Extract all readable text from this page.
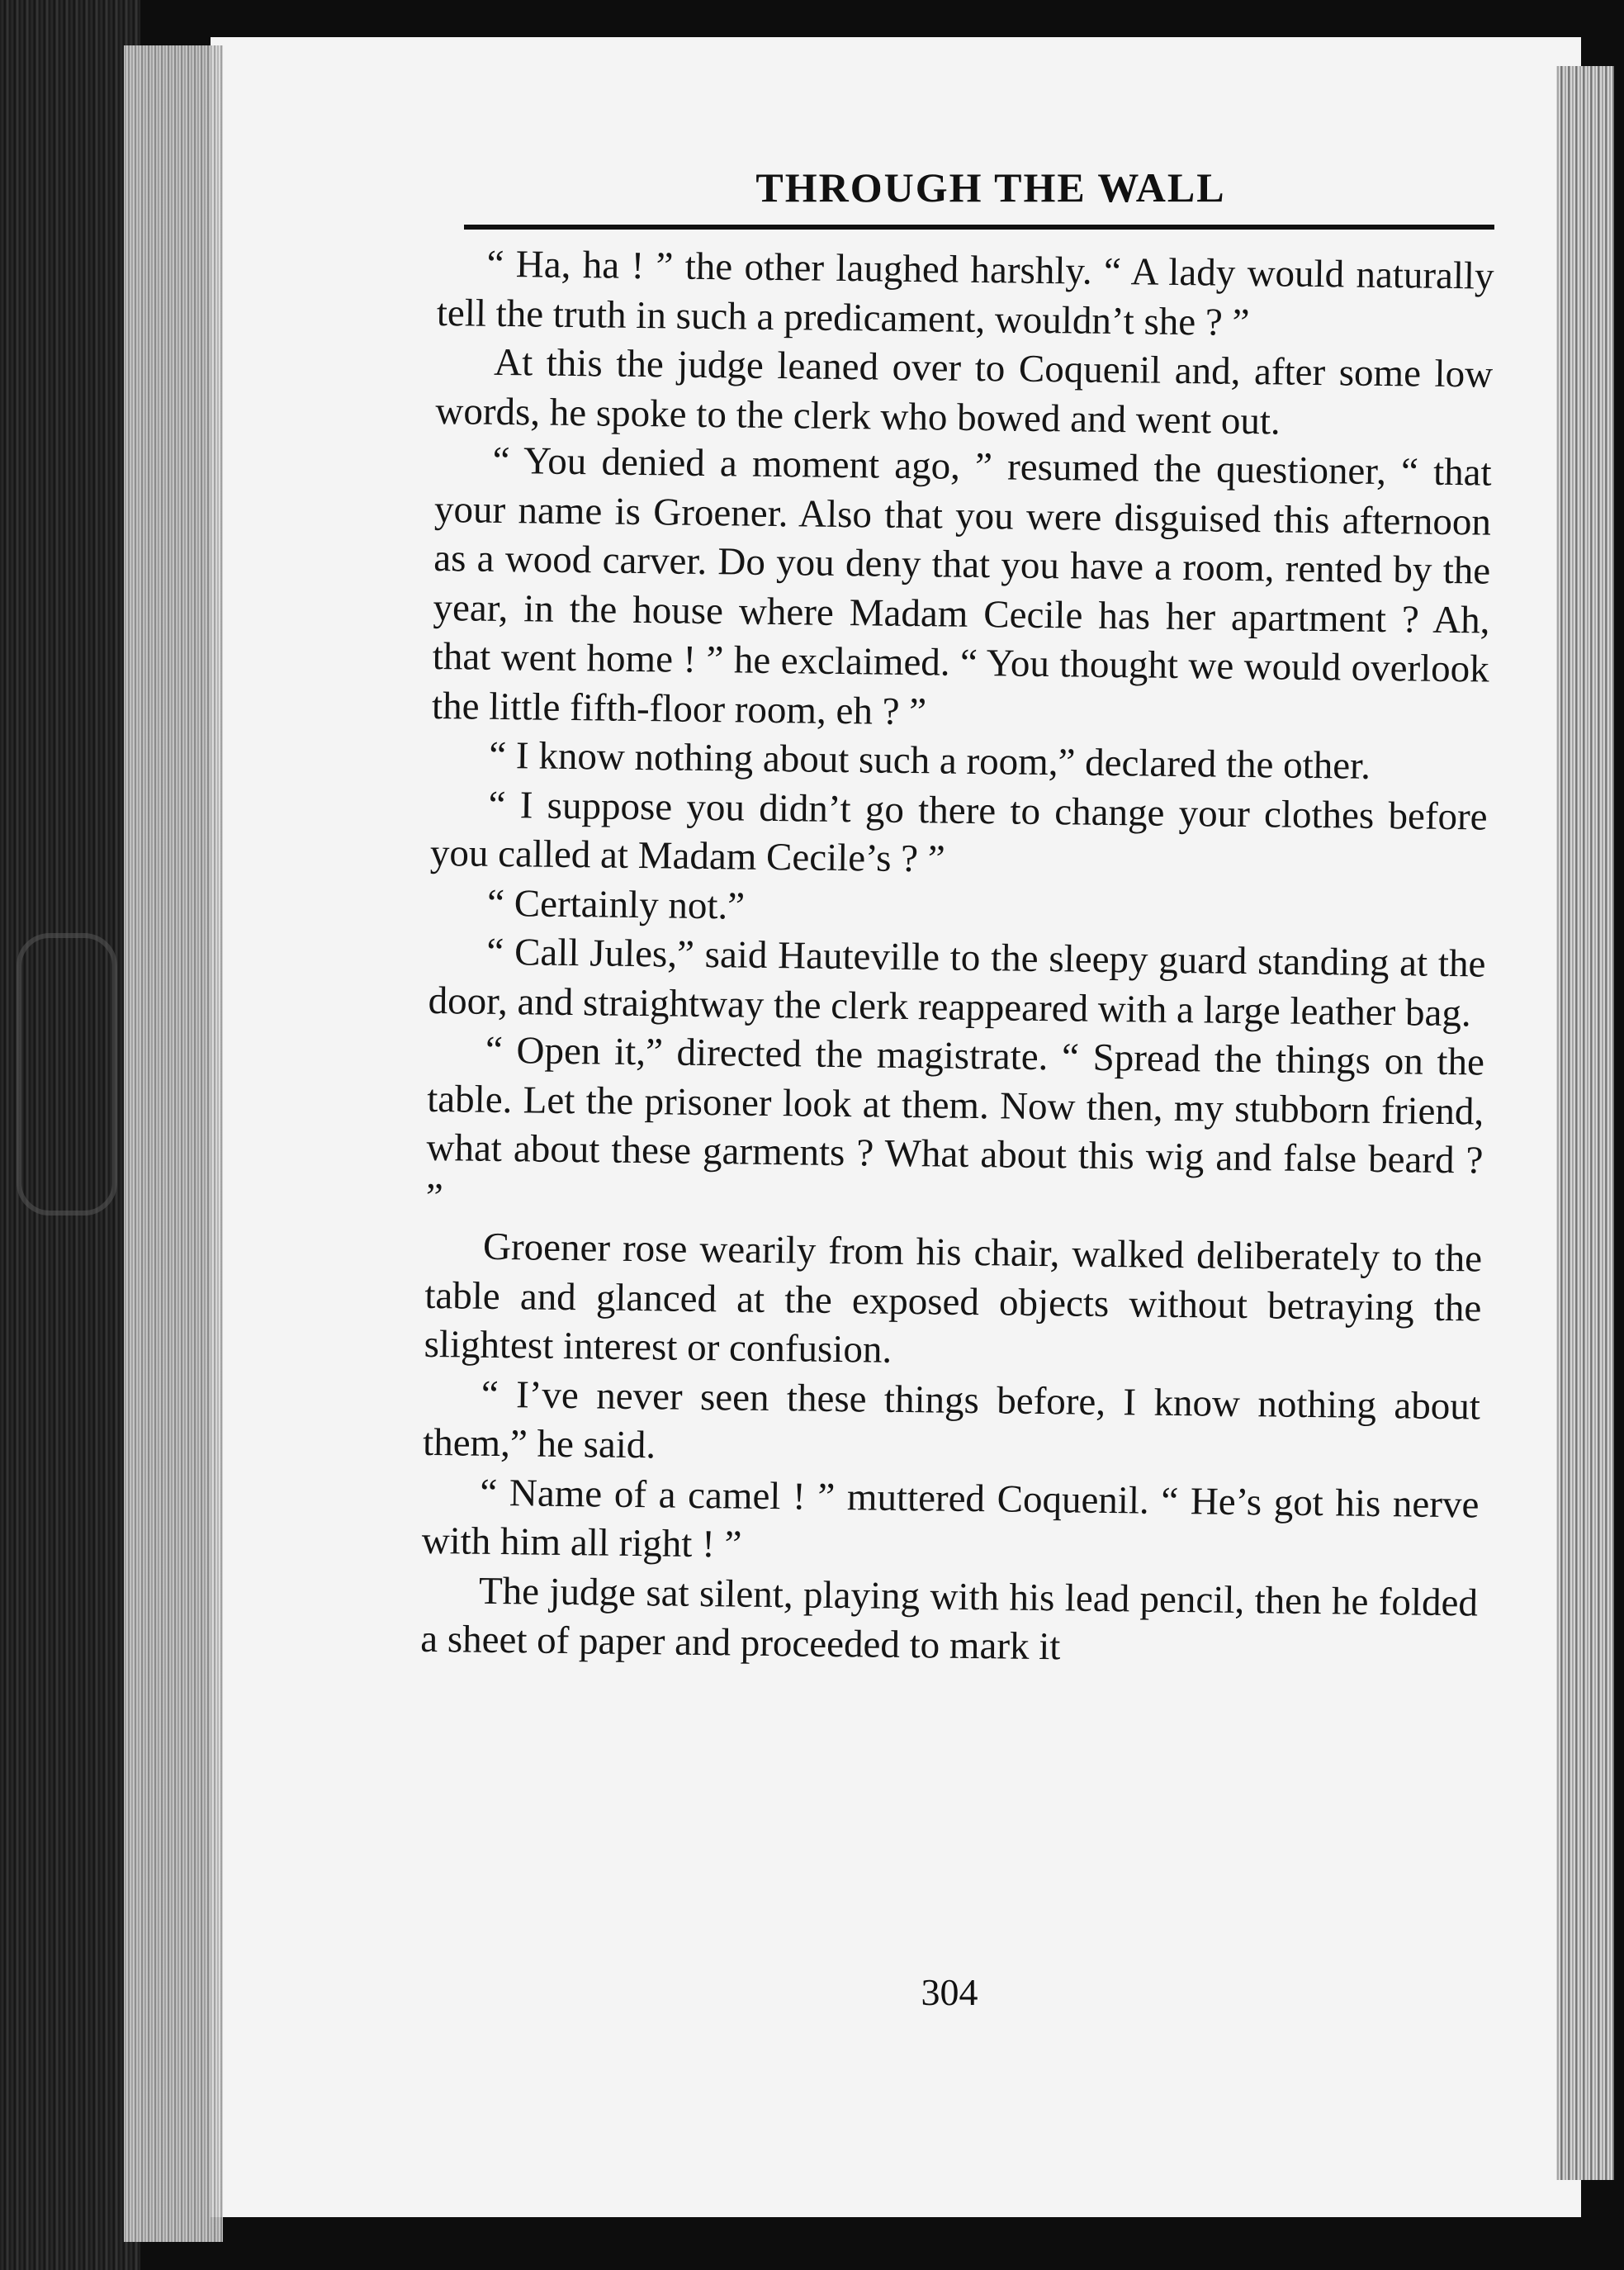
THROUGH THE WALL

“ Ha, ha ! ” the other laughed harshly. “ A lady would naturally tell the truth in such a predicament, wouldn’t she ? ”

At this the judge leaned over to Coquenil and, after some low words, he spoke to the clerk who bowed and went out.

“ You denied a moment ago, ” resumed the questioner, “ that your name is Groener. Also that you were disguised this afternoon as a wood carver. Do you deny that you have a room, rented by the year, in the house where Madam Cecile has her apartment ? Ah, that went home ! ” he exclaimed. “ You thought we would overlook the little fifth-floor room, eh ? ”

“ I know nothing about such a room,” declared the other.

“ I suppose you didn’t go there to change your clothes before you called at Madam Cecile’s ? ”

“ Certainly not.”

“ Call Jules,” said Hauteville to the sleepy guard standing at the door, and straightway the clerk reappeared with a large leather bag.

“ Open it,” directed the magistrate. “ Spread the things on the table. Let the prisoner look at them. Now then, my stubborn friend, what about these garments ? What about this wig and false beard ? ”

Groener rose wearily from his chair, walked deliberately to the table and glanced at the exposed objects without betraying the slightest interest or confusion.

“ I’ve never seen these things before, I know nothing about them,” he said.

“ Name of a camel ! ” muttered Coquenil. “ He’s got his nerve with him all right ! ”

The judge sat silent, playing with his lead pencil, then he folded a sheet of paper and proceeded to mark it

304
